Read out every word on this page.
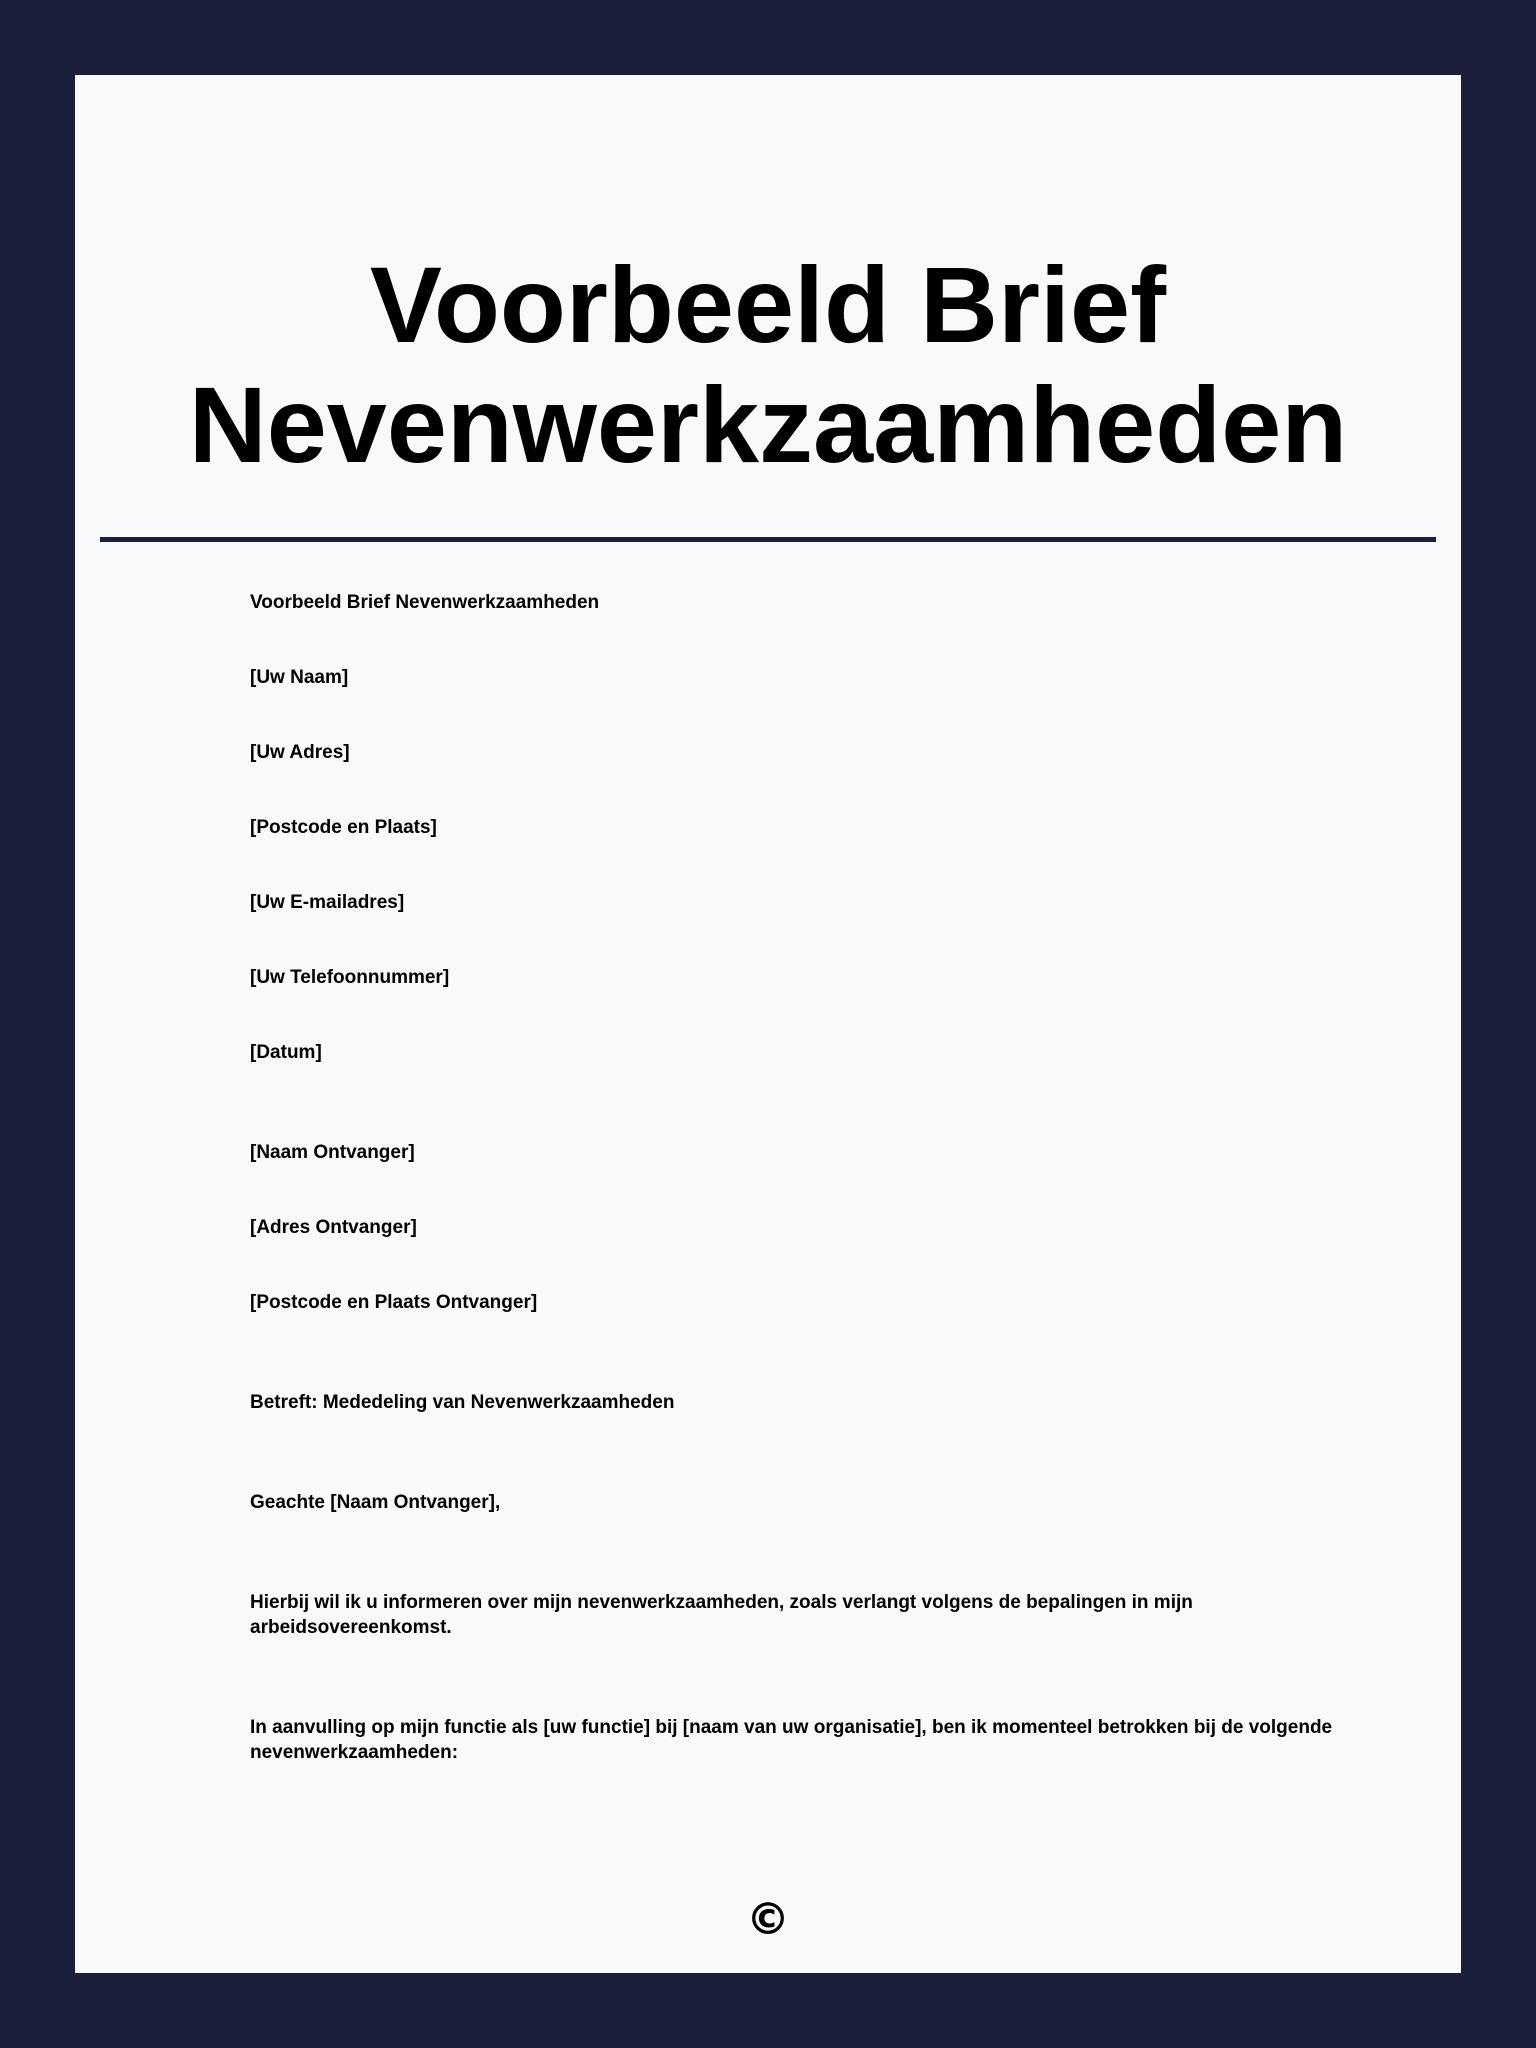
Voorbeeld Brief
Nevenwerkzaamheden

Voorbeeld Brief Nevenwerkzaamheden

[Uw Naam]

[Uw Adres]

[Postcode en Plaats]

[Uw E-mailadres]

[Uw Telefoonnummer]

[Datum]

[Naam Ontvanger]

[Adres Ontvanger]

[Postcode en Plaats Ontvanger]

Betreft: Mededeling van Nevenwerkzaamheden

Geachte [Naam Ontvanger],

Hierbij wil ik u informeren over mijn nevenwerkzaamheden, zoals verlangt volgens de bepalingen in mijn arbeidsovereenkomst.

In aanvulling op mijn functie als [uw functie] bij [naam van uw organisatie], ben ik momenteel betrokken bij de volgende nevenwerkzaamheden:

©
